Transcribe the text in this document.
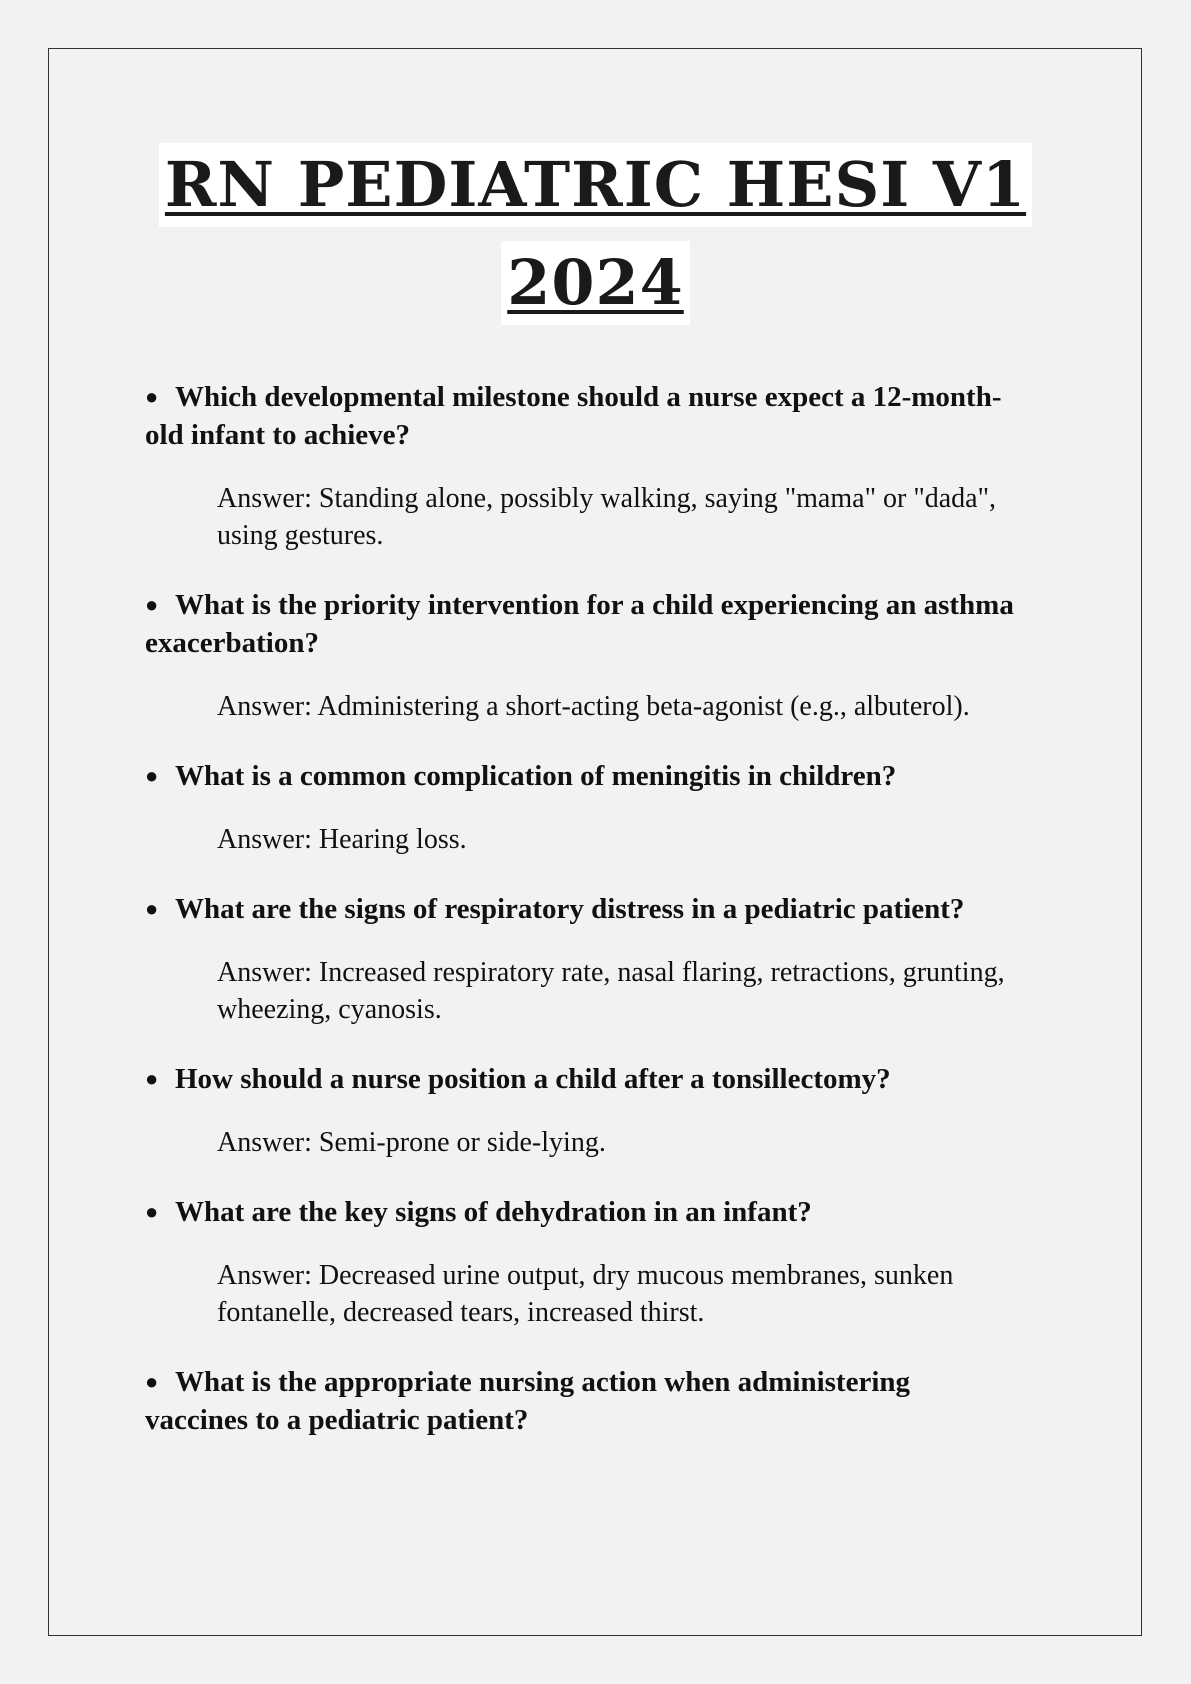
RN PEDIATRIC HESI V1
2024

● Which developmental milestone should a nurse expect a 12-month-old infant to achieve?

Answer: Standing alone, possibly walking, saying "mama" or "dada", using gestures.

● What is the priority intervention for a child experiencing an asthma exacerbation?

Answer: Administering a short-acting beta-agonist (e.g., albuterol).

● What is a common complication of meningitis in children?

Answer: Hearing loss.

● What are the signs of respiratory distress in a pediatric patient?

Answer: Increased respiratory rate, nasal flaring, retractions, grunting, wheezing, cyanosis.

● How should a nurse position a child after a tonsillectomy?

Answer: Semi-prone or side-lying.

● What are the key signs of dehydration in an infant?

Answer: Decreased urine output, dry mucous membranes, sunken fontanelle, decreased tears, increased thirst.

● What is the appropriate nursing action when administering vaccines to a pediatric patient?
